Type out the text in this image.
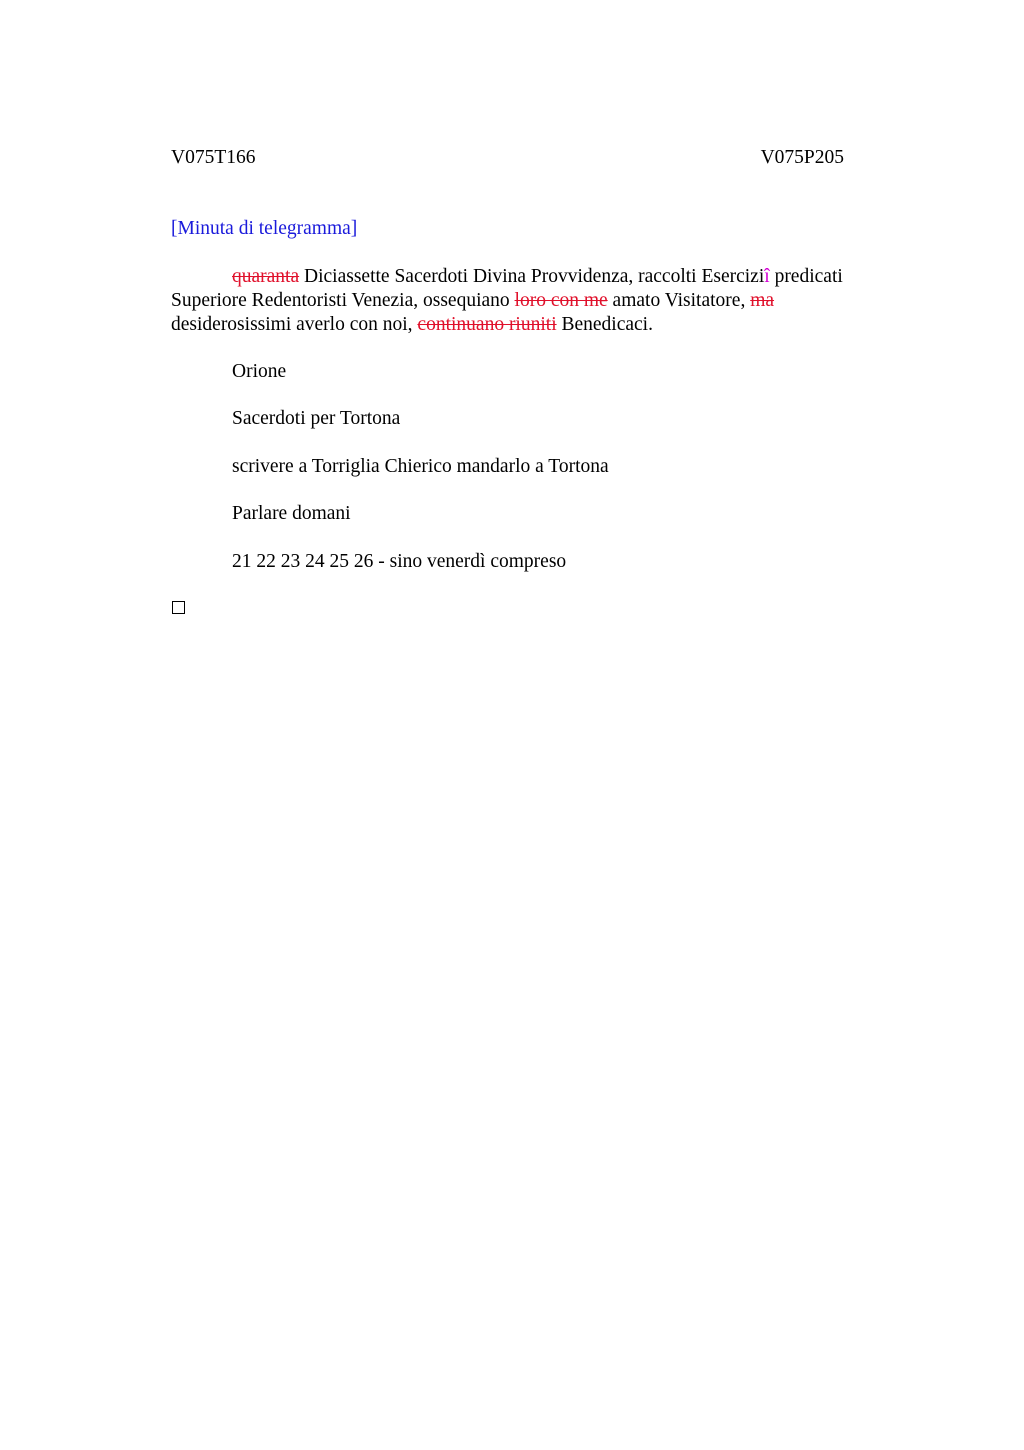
V075T166	V075P205
[Minuta di telegramma]
quaranta Diciassette Sacerdoti Divina Provvidenza, raccolti Eserciziî predicati
Superiore Redentoristi Venezia, ossequiano loro con me amato Visitatore, ma
desiderosissimi averlo con noi, continuano riuniti Benedicaci.
Orione
Sacerdoti per Tortona
scrivere a Torriglia Chierico mandarlo a Tortona
Parlare domani
21 22 23 24 25 26 - sino venerdì compreso
